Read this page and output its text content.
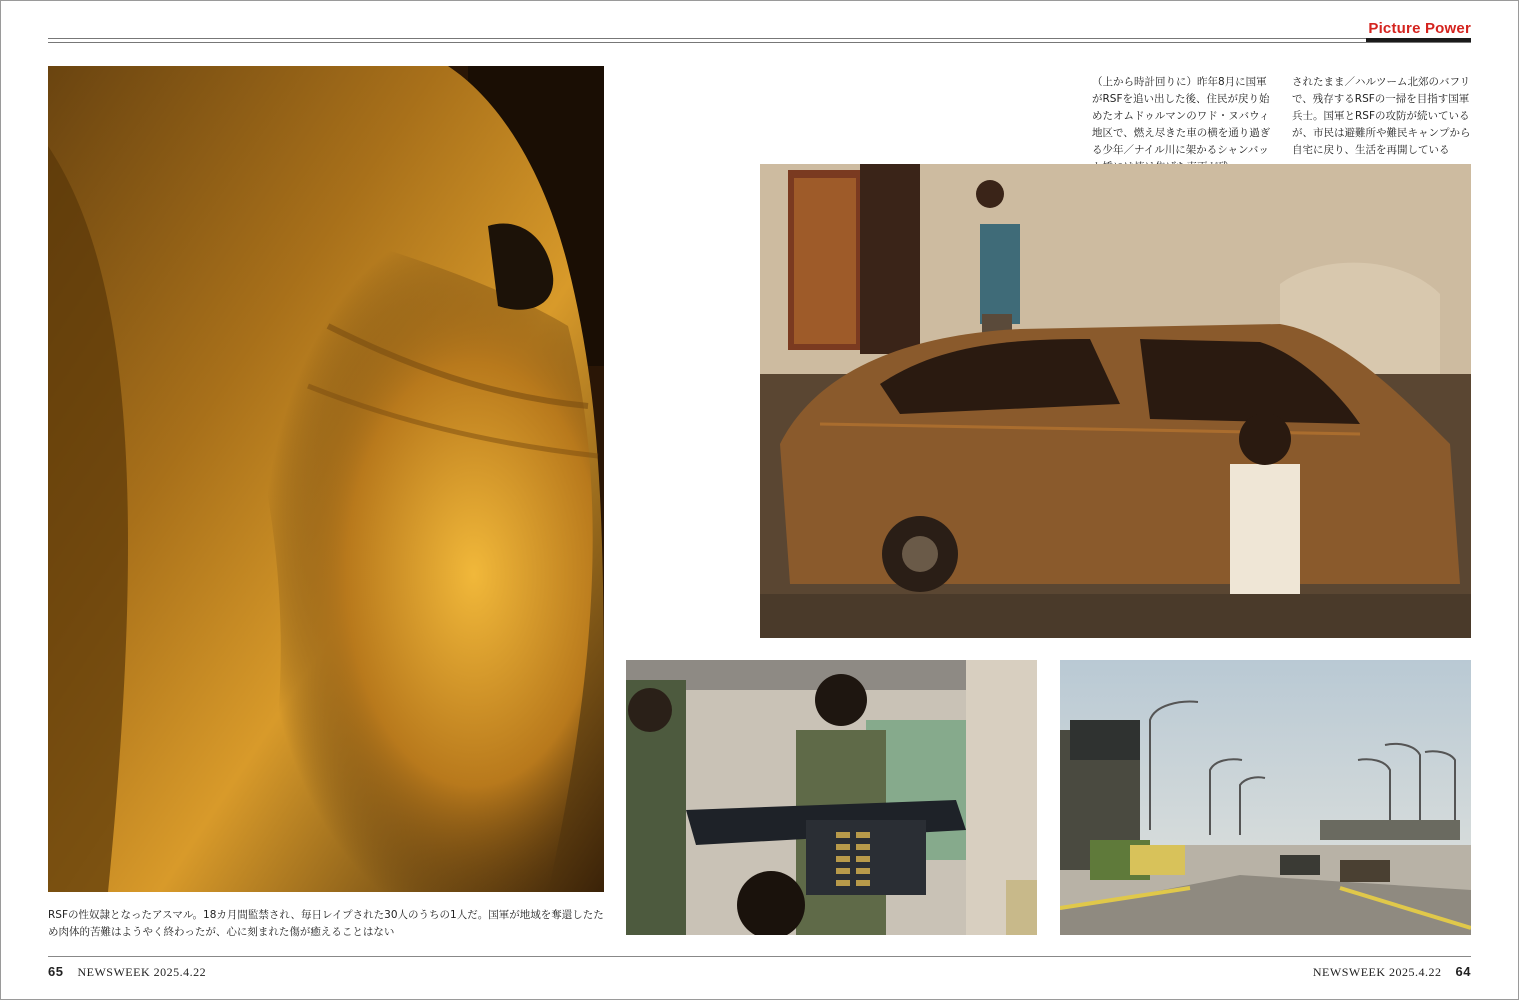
Picture Power
（上から時計回りに）昨年8月に国軍がRSFを追い出した後、住民が戻り始めたオムドゥルマンのワド・ヌバウィ地区で、燃え尽きた車の横を通り過ぎる少年／ナイル川に架かるシャンバッ
されたまま／ハルツーム北郊のバフリで、残存するRSFの一掃を目指す国軍兵士。国軍とRSFの攻防が続いているが、市民は避難所や難民キャンプから自宅に戻り、生活を再開している
RSFの性奴隷となったアスマル。18カ月間監禁され、毎日レイプされた30人のうちの1人だ。国軍が地域を奪還したため肉体的苦難はようやく終わったが、心に刻まれた傷が癒えることはない
65 NEWSWEEK 2025.4.22	NEWSWEEK 2025.4.22 64
